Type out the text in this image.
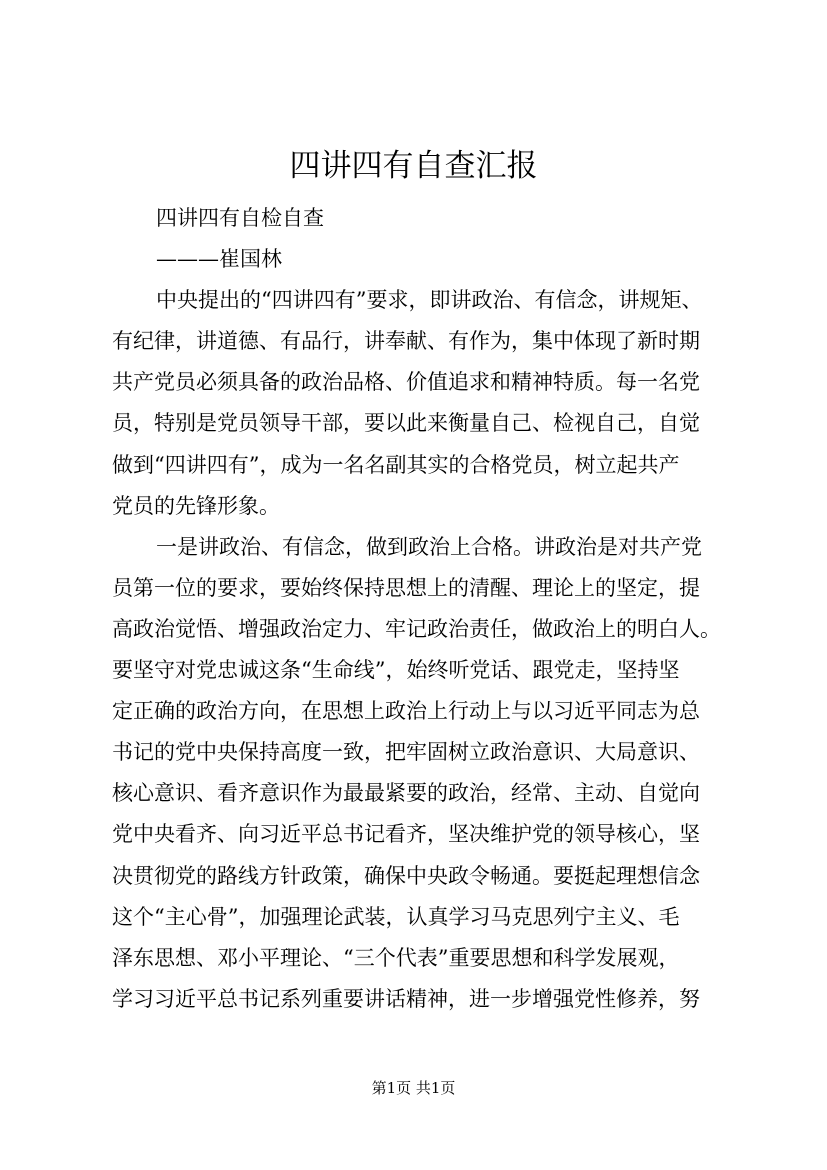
四讲四有自查汇报
四讲四有自检自查
———崔国林
中央提出的“四讲四有”要求，即讲政治、有信念，讲规矩、
有纪律，讲道德、有品行，讲奉献、有作为，集中体现了新时期
共产党员必须具备的政治品格、价值追求和精神特质。每一名党
员，特别是党员领导干部，要以此来衡量自己、检视自己，自觉
做到“四讲四有”，成为一名名副其实的合格党员，树立起共产
党员的先锋形象。
一是讲政治、有信念，做到政治上合格。讲政治是对共产党
员第一位的要求，要始终保持思想上的清醒、理论上的坚定，提
高政治觉悟、增强政治定力、牢记政治责任，做政治上的明白人。
要坚守对党忠诚这条“生命线”，始终听党话、跟党走，坚持坚
定正确的政治方向，在思想上政治上行动上与以习近平同志为总
书记的党中央保持高度一致，把牢固树立政治意识、大局意识、
核心意识、看齐意识作为最最紧要的政治，经常、主动、自觉向
党中央看齐、向习近平总书记看齐，坚决维护党的领导核心，坚
决贯彻党的路线方针政策，确保中央政令畅通。要挺起理想信念
这个“主心骨”，加强理论武装，认真学习马克思列宁主义、毛
泽东思想、邓小平理论、“三个代表”重要思想和科学发展观，
学习习近平总书记系列重要讲话精神，进一步增强党性修养，努
第1页 共1页
